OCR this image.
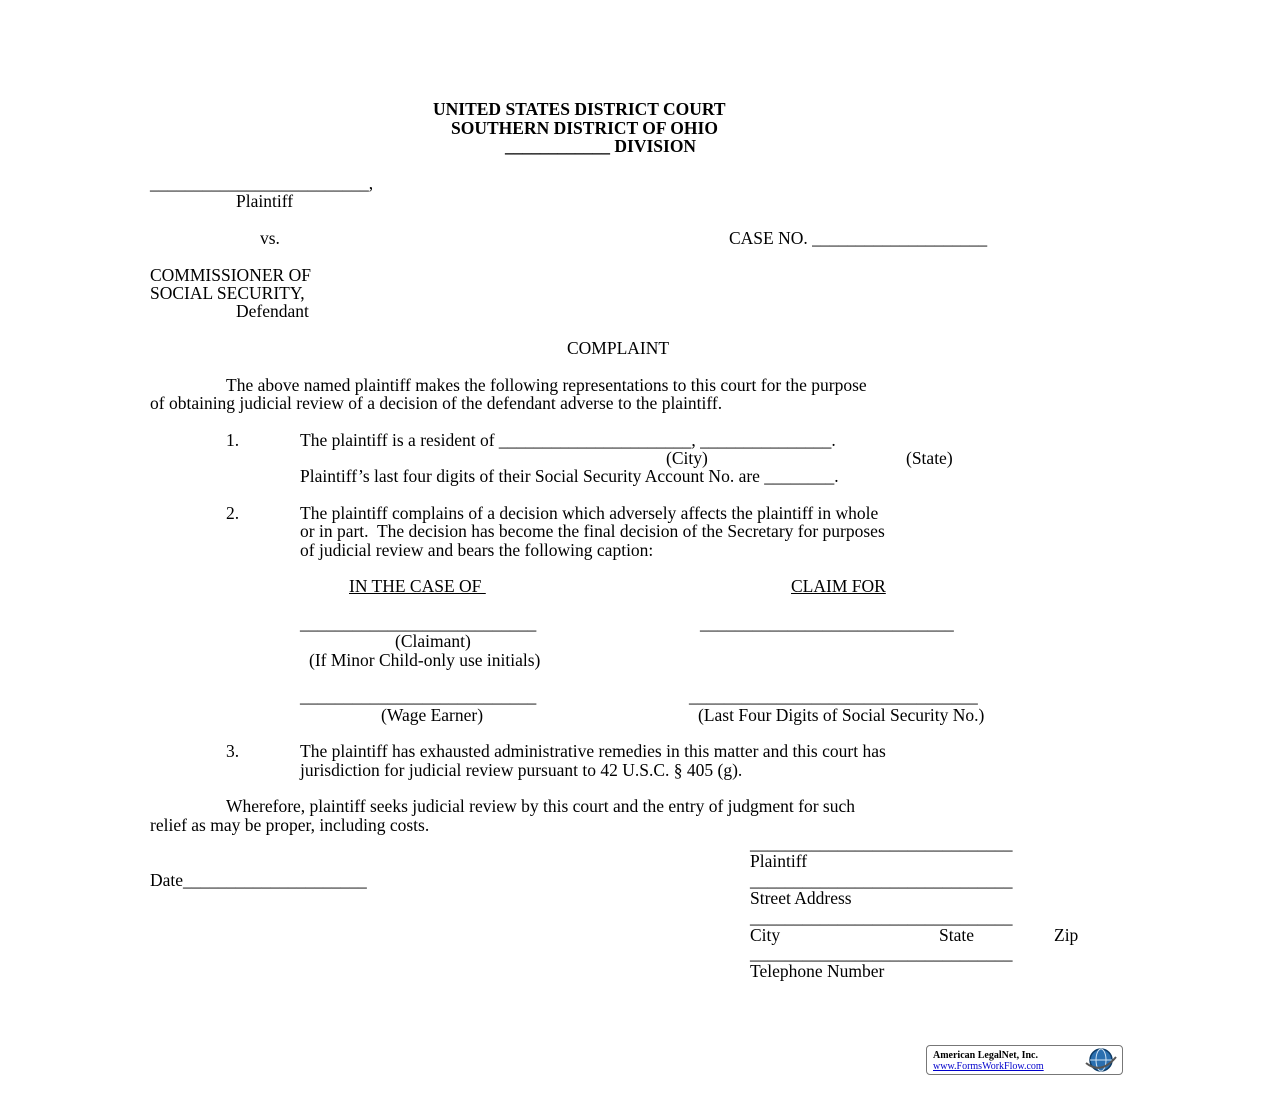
UNITED STATES DISTRICT COURT
SOUTHERN DISTRICT OF OHIO
____________ DIVISION
_________________________,
Plaintiff
vs.	CASE NO. ____________________
COMMISSIONER OF
SOCIAL SECURITY,
Defendant
COMPLAINT
The above named plaintiff makes the following representations to this court for the purpose
of obtaining judicial review of a decision of the defendant adverse to the plaintiff.
1.	The plaintiff is a resident of ______________________, _______________.
(City)	(State)
Plaintiff’s last four digits of their Social Security Account No. are ________.
2.	The plaintiff complains of a decision which adversely affects the plaintiff in whole
or in part.  The decision has become the final decision of the Secretary for purposes
of judicial review and bears the following caption:
IN THE CASE OF	CLAIM FOR
___________________________	_____________________________
(Claimant)
(If Minor Child-only use initials)
___________________________	_________________________________
(Wage Earner)	(Last Four Digits of Social Security No.)
3.	The plaintiff has exhausted administrative remedies in this matter and this court has
jurisdiction for judicial review pursuant to 42 U.S.C. § 405 (g).
Wherefore, plaintiff seeks judicial review by this court and the entry of judgment for such
relief as may be proper, including costs.
______________________________
Plaintiff
Date_____________________	______________________________
Street Address
______________________________
City	State	Zip
______________________________
Telephone Number
American LegalNet, Inc.
www.FormsWorkFlow.com
